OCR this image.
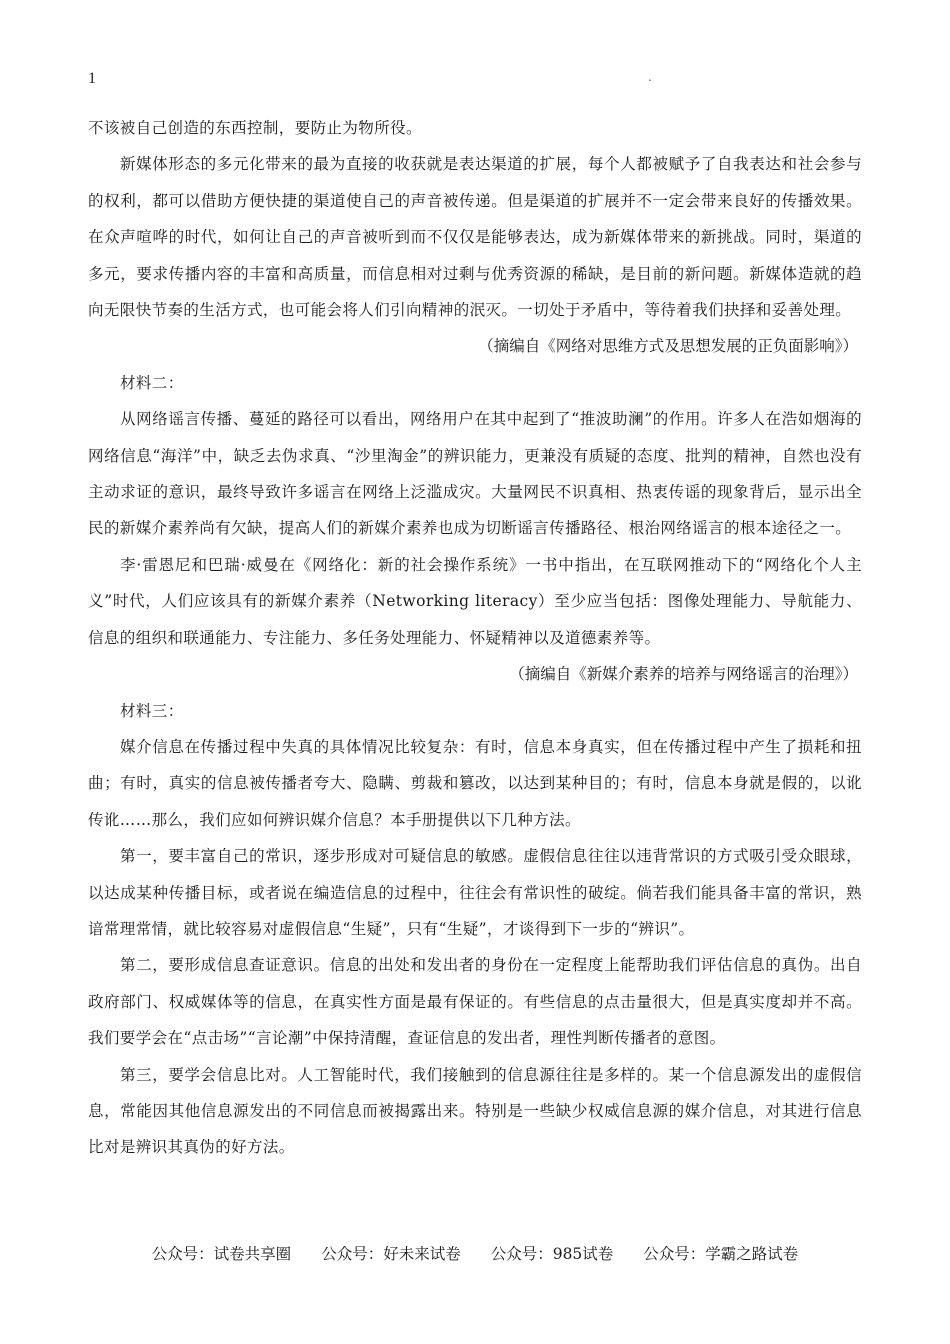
1	.

不该被自己创造的东西控制，要防止为物所役。

新媒体形态的多元化带来的最为直接的收获就是表达渠道的扩展，每个人都被赋予了自我表达和社会参与的权利，都可以借助方便快捷的渠道使自己的声音被传递。但是渠道的扩展并不一定会带来良好的传播效果。在众声喧哗的时代，如何让自己的声音被听到而不仅仅是能够表达，成为新媒体带来的新挑战。同时，渠道的多元，要求传播内容的丰富和高质量，而信息相对过剩与优秀资源的稀缺，是目前的新问题。新媒体造就的趋向无限快节奏的生活方式，也可能会将人们引向精神的泯灭。一切处于矛盾中，等待着我们抉择和妥善处理。

（摘编自《网络对思维方式及思想发展的正负面影响》）

材料二：

从网络谣言传播、蔓延的路径可以看出，网络用户在其中起到了“推波助澜”的作用。许多人在浩如烟海的网络信息“海洋”中，缺乏去伪求真、“沙里淘金”的辨识能力，更兼没有质疑的态度、批判的精神，自然也没有主动求证的意识，最终导致许多谣言在网络上泛滥成灾。大量网民不识真相、热衷传谣的现象背后，显示出全民的新媒介素养尚有欠缺，提高人们的新媒介素养也成为切断谣言传播路径、根治网络谣言的根本途径之一。

李·雷恩尼和巴瑞·威曼在《网络化：新的社会操作系统》一书中指出，在互联网推动下的“网络化个人主义”时代，人们应该具有的新媒介素养（Networking literacy）至少应当包括：图像处理能力、导航能力、信息的组织和联通能力、专注能力、多任务处理能力、怀疑精神以及道德素养等。

（摘编自《新媒介素养的培养与网络谣言的治理》）

材料三：

媒介信息在传播过程中失真的具体情况比较复杂：有时，信息本身真实，但在传播过程中产生了损耗和扭曲；有时，真实的信息被传播者夸大、隐瞒、剪裁和篡改，以达到某种目的；有时，信息本身就是假的，以讹传讹……那么，我们应如何辨识媒介信息？本手册提供以下几种方法。

第一，要丰富自己的常识，逐步形成对可疑信息的敏感。虚假信息往往以违背常识的方式吸引受众眼球，以达成某种传播目标，或者说在编造信息的过程中，往往会有常识性的破绽。倘若我们能具备丰富的常识，熟谙常理常情，就比较容易对虚假信息“生疑”，只有“生疑”，才谈得到下一步的“辨识”。

第二，要形成信息查证意识。信息的出处和发出者的身份在一定程度上能帮助我们评估信息的真伪。出自政府部门、权威媒体等的信息，在真实性方面是最有保证的。有些信息的点击量很大，但是真实度却并不高。我们要学会在“点击场”“言论潮”中保持清醒，查证信息的发出者，理性判断传播者的意图。

第三，要学会信息比对。人工智能时代，我们接触到的信息源往往是多样的。某一个信息源发出的虚假信息，常能因其他信息源发出的不同信息而被揭露出来。特别是一些缺少权威信息源的媒介信息，对其进行信息比对是辨识其真伪的好方法。

公众号：试卷共享圈 公众号：好未来试卷 公众号：985试卷 公众号：学霸之路试卷
